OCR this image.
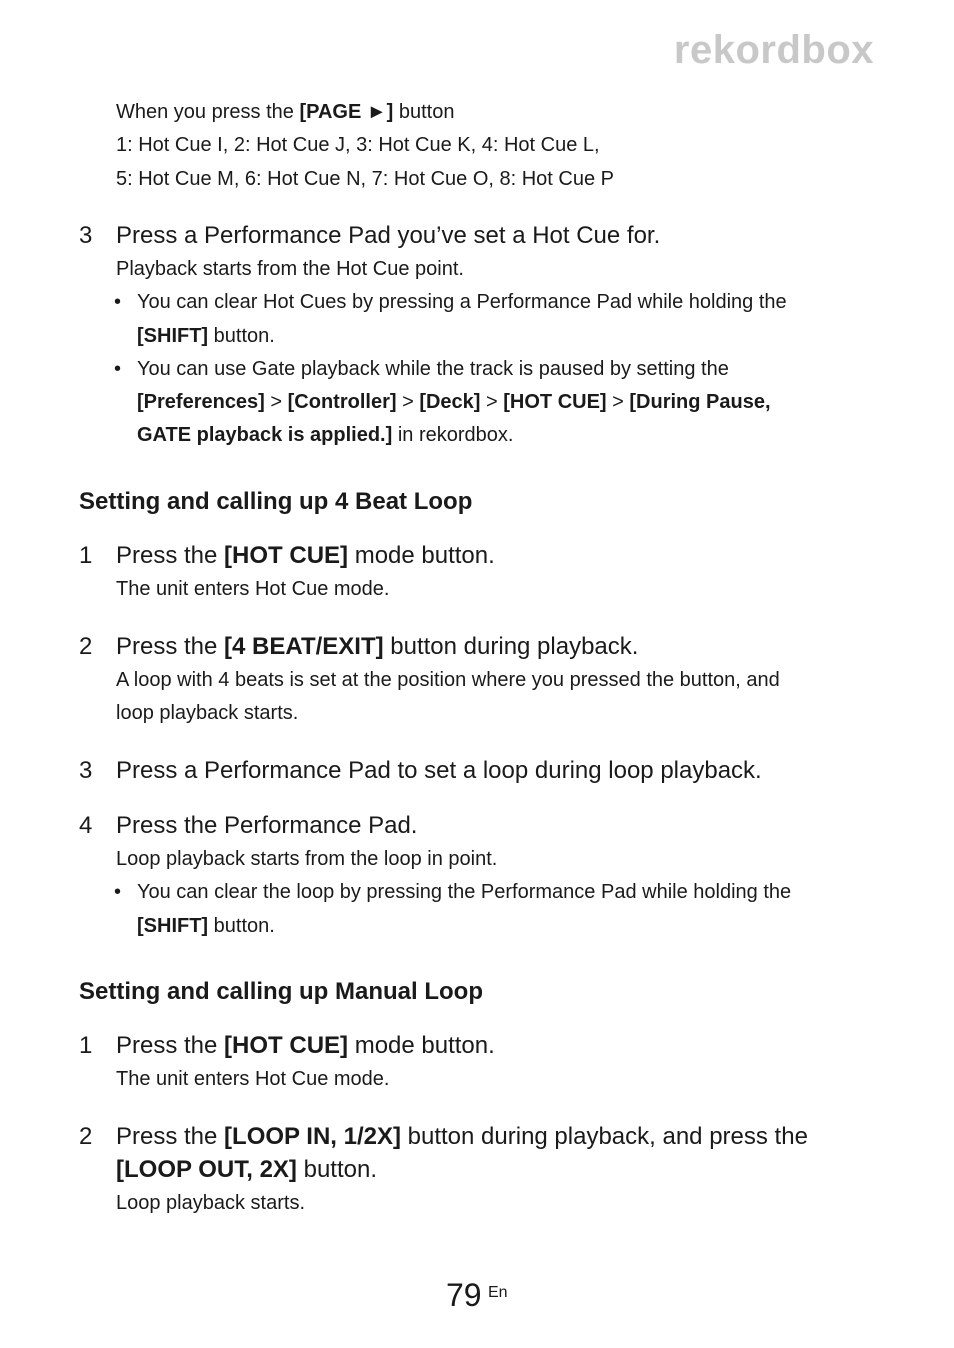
rekordbox
When you press the [PAGE ►] button
1: Hot Cue I, 2: Hot Cue J, 3: Hot Cue K, 4: Hot Cue L,
5: Hot Cue M, 6: Hot Cue N, 7: Hot Cue O, 8: Hot Cue P
3 Press a Performance Pad you’ve set a Hot Cue for.
Playback starts from the Hot Cue point.
• You can clear Hot Cues by pressing a Performance Pad while holding the
[SHIFT] button.
• You can use Gate playback while the track is paused by setting the
[Preferences] > [Controller] > [Deck] > [HOT CUE] > [During Pause,
GATE playback is applied.] in rekordbox.
Setting and calling up 4 Beat Loop
1 Press the [HOT CUE] mode button.
The unit enters Hot Cue mode.
2 Press the [4 BEAT/EXIT] button during playback.
A loop with 4 beats is set at the position where you pressed the button, and
loop playback starts.
3 Press a Performance Pad to set a loop during loop playback.
4 Press the Performance Pad.
Loop playback starts from the loop in point.
• You can clear the loop by pressing the Performance Pad while holding the
[SHIFT] button.
Setting and calling up Manual Loop
1 Press the [HOT CUE] mode button.
The unit enters Hot Cue mode.
2 Press the [LOOP IN, 1/2X] button during playback, and press the
[LOOP OUT, 2X] button.
Loop playback starts.
79 En
